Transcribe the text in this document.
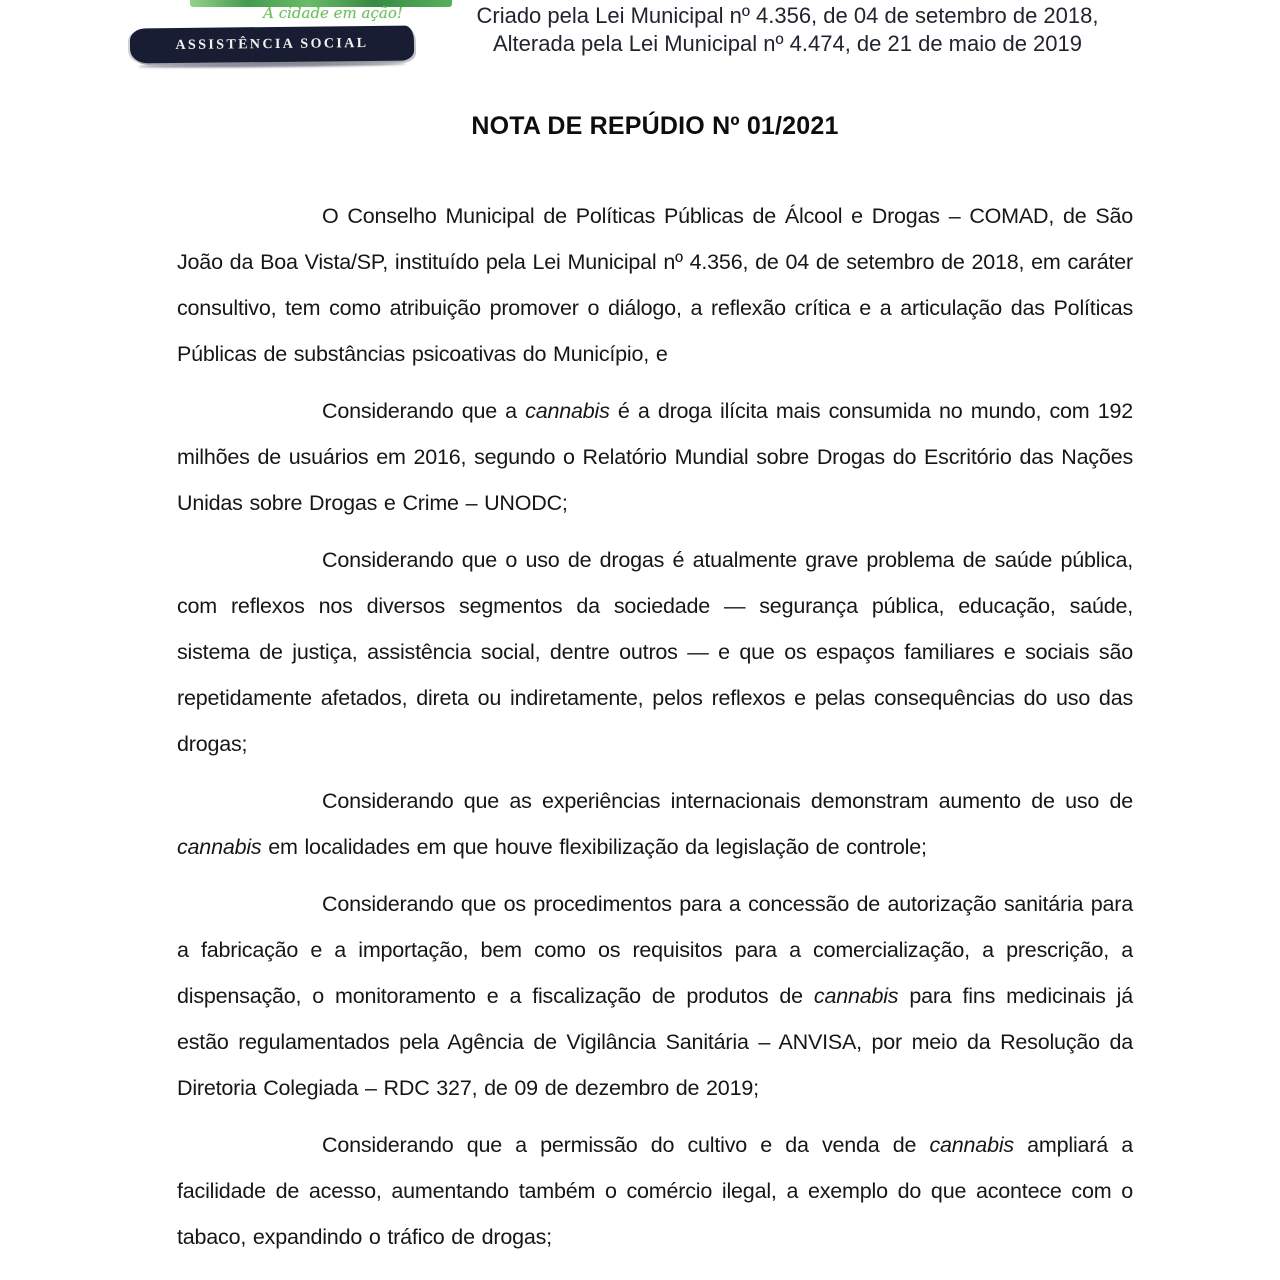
A cidade em ação!
ASSISTÊNCIA SOCIAL
Criado pela Lei Municipal nº 4.356, de 04 de setembro de 2018,
Alterada pela Lei Municipal nº 4.474, de 21 de maio de 2019
NOTA DE REPÚDIO Nº 01/2021

O Conselho Municipal de Políticas Públicas de Álcool e Drogas – COMAD, de São João da Boa Vista/SP, instituído pela Lei Municipal nº 4.356, de 04 de setembro de 2018, em caráter consultivo, tem como atribuição promover o diálogo, a reflexão crítica e a articulação das Políticas Públicas de substâncias psicoativas do Município, e

Considerando que a cannabis é a droga ilícita mais consumida no mundo, com 192 milhões de usuários em 2016, segundo o Relatório Mundial sobre Drogas do Escritório das Nações Unidas sobre Drogas e Crime – UNODC;

Considerando que o uso de drogas é atualmente grave problema de saúde pública, com reflexos nos diversos segmentos da sociedade — segurança pública, educação, saúde, sistema de justiça, assistência social, dentre outros — e que os espaços familiares e sociais são repetidamente afetados, direta ou indiretamente, pelos reflexos e pelas consequências do uso das drogas;

Considerando que as experiências internacionais demonstram aumento de uso de cannabis em localidades em que houve flexibilização da legislação de controle;

Considerando que os procedimentos para a concessão de autorização sanitária para a fabricação e a importação, bem como os requisitos para a comercialização, a prescrição, a dispensação, o monitoramento e a fiscalização de produtos de cannabis para fins medicinais já estão regulamentados pela Agência de Vigilância Sanitária – ANVISA, por meio da Resolução da Diretoria Colegiada – RDC 327, de 09 de dezembro de 2019;

Considerando que a permissão do cultivo e da venda de cannabis ampliará a facilidade de acesso, aumentando também o comércio ilegal, a exemplo do que acontece com o tabaco, expandindo o tráfico de drogas;
